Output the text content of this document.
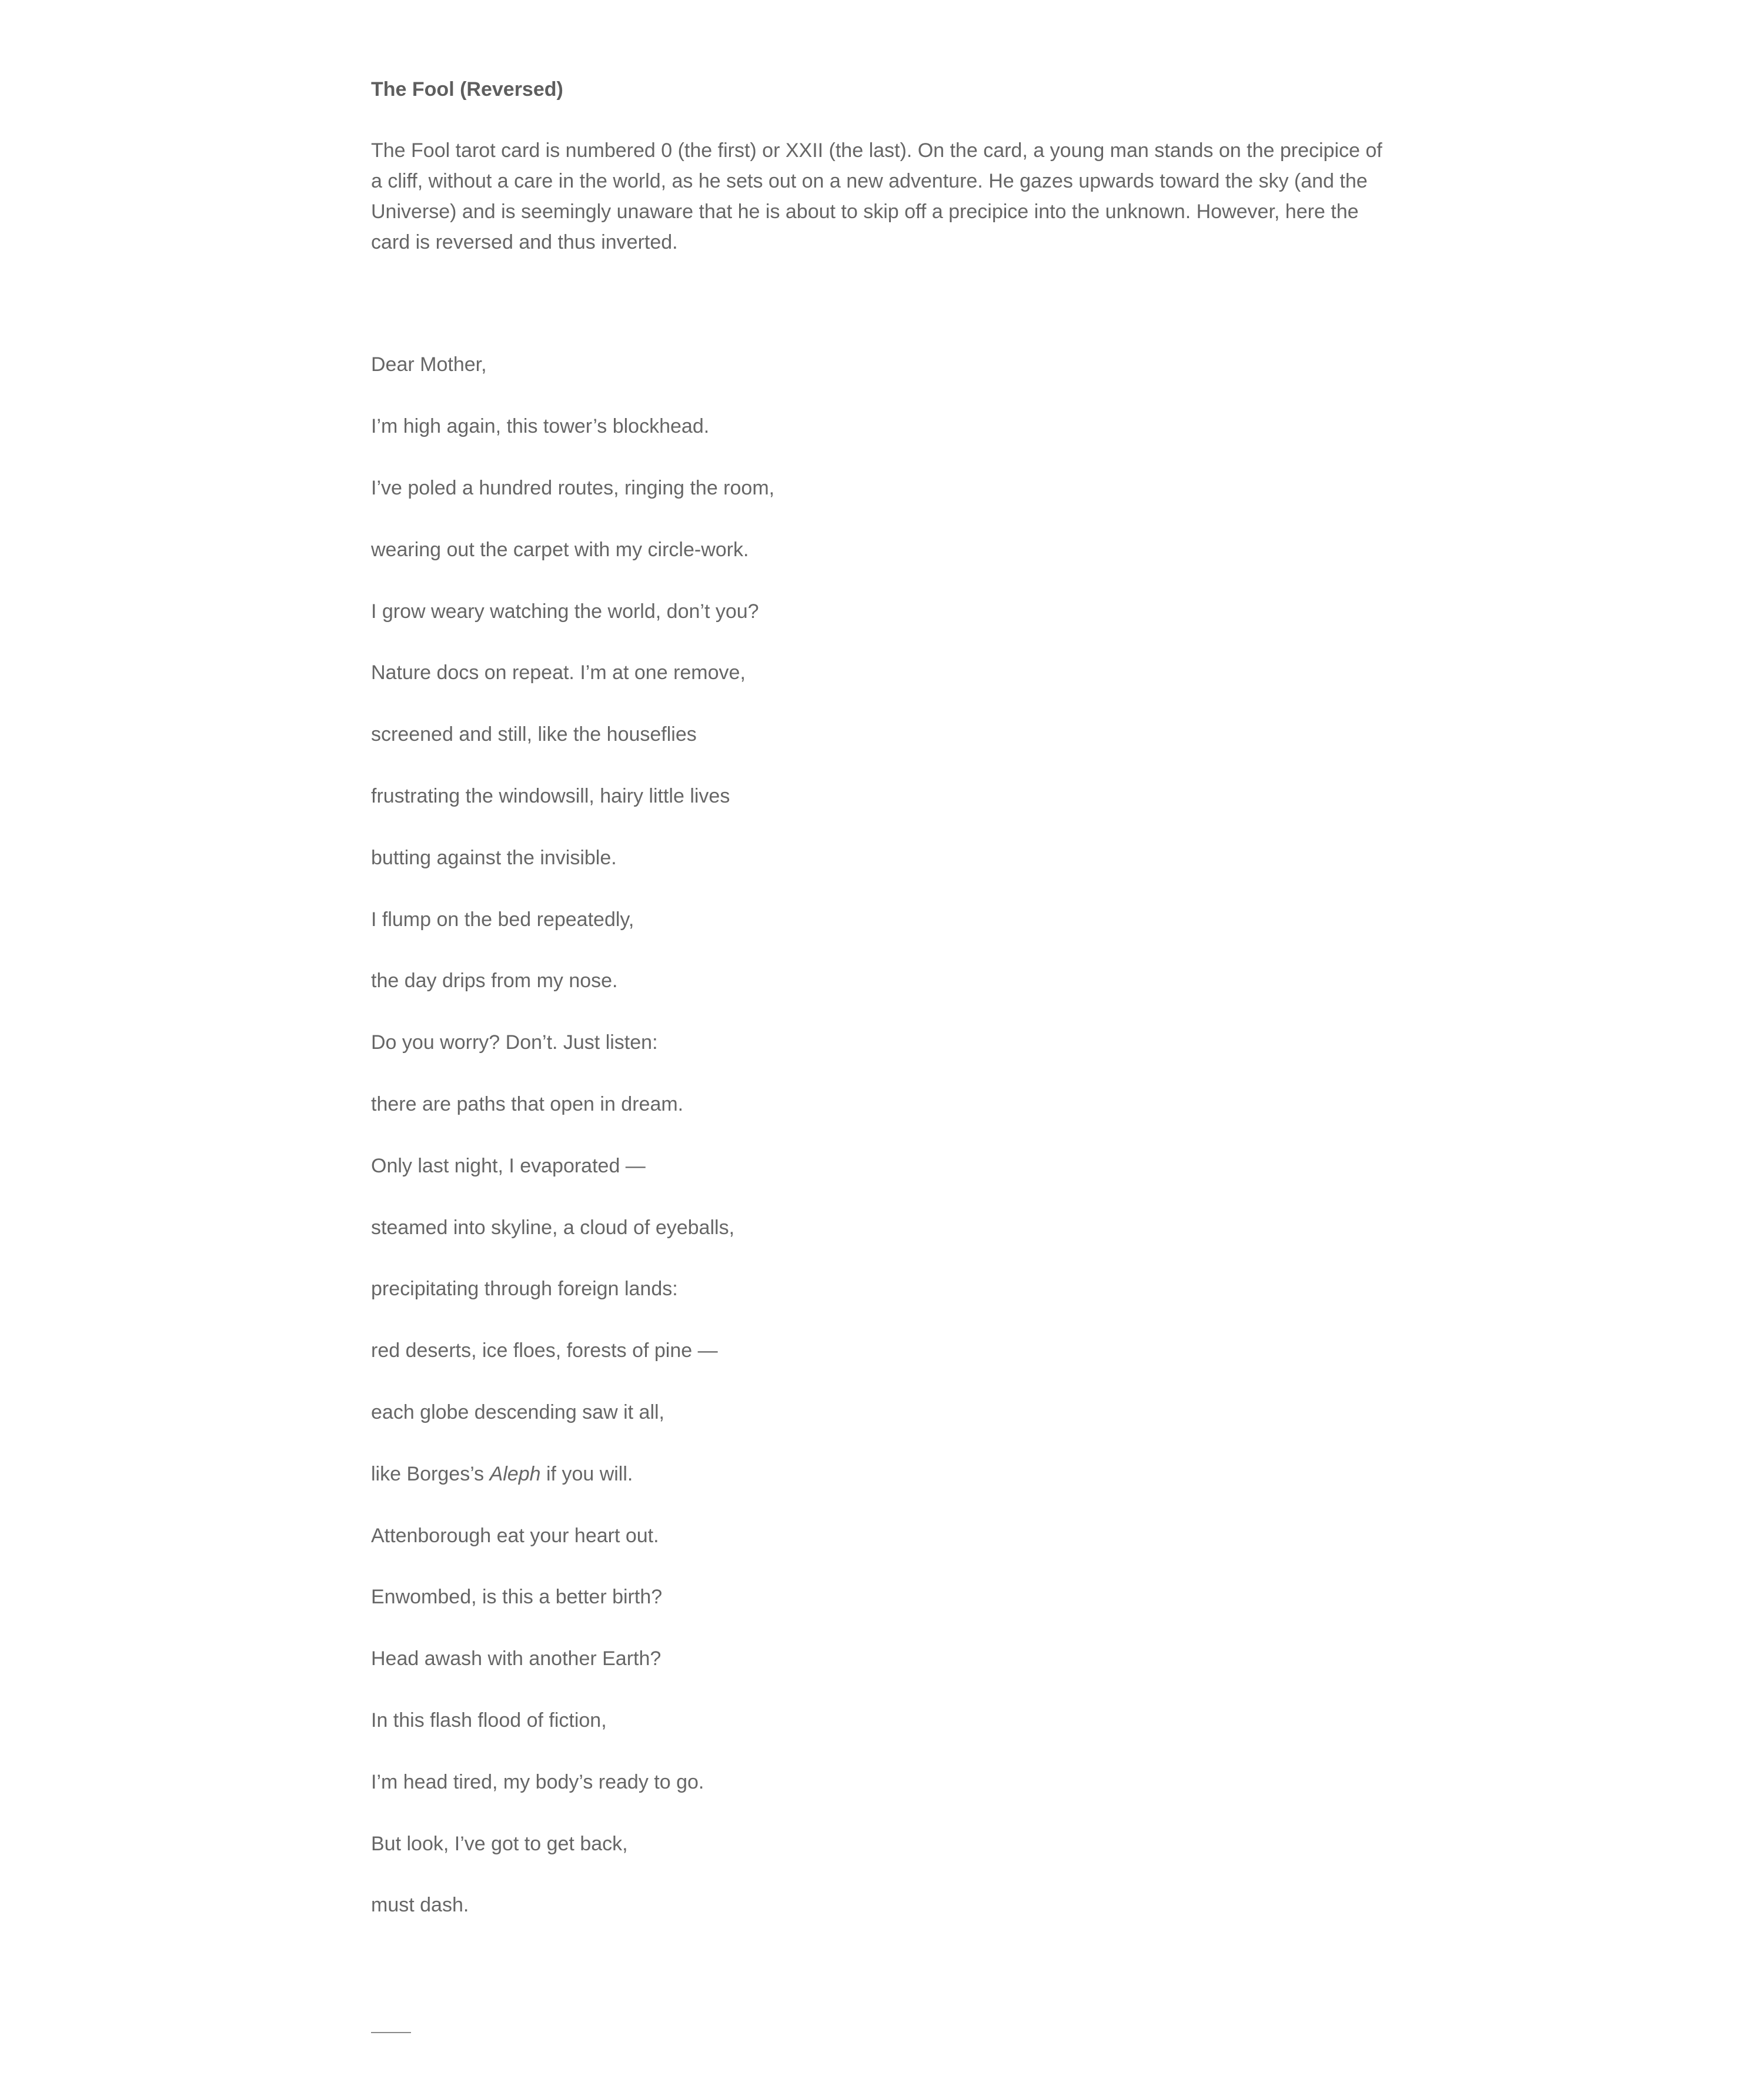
The Fool (Reversed)

The Fool tarot card is numbered 0 (the first) or XXII (the last). On the card, a young man stands on the precipice of a cliff, without a care in the world, as he sets out on a new adventure. He gazes upwards toward the sky (and the Universe) and is seemingly unaware that he is about to skip off a precipice into the unknown. However, here the card is reversed and thus inverted.

Dear Mother,
I’m high again, this tower’s blockhead.
I’ve poled a hundred routes, ringing the room,
wearing out the carpet with my circle-work.
I grow weary watching the world, don’t you?
Nature docs on repeat. I’m at one remove,
screened and still, like the houseflies
frustrating the windowsill, hairy little lives
butting against the invisible.
I flump on the bed repeatedly,
the day drips from my nose.
Do you worry? Don’t. Just listen:
there are paths that open in dream.
Only last night, I evaporated —
steamed into skyline, a cloud of eyeballs,
precipitating through foreign lands:
red deserts, ice floes, forests of pine —
each globe descending saw it all,
like Borges’s Aleph if you will.
Attenborough eat your heart out.
Enwombed, is this a better birth?
Head awash with another Earth?
In this flash flood of fiction,
I’m head tired, my body’s ready to go.
But look, I’ve got to get back,
must dash.
